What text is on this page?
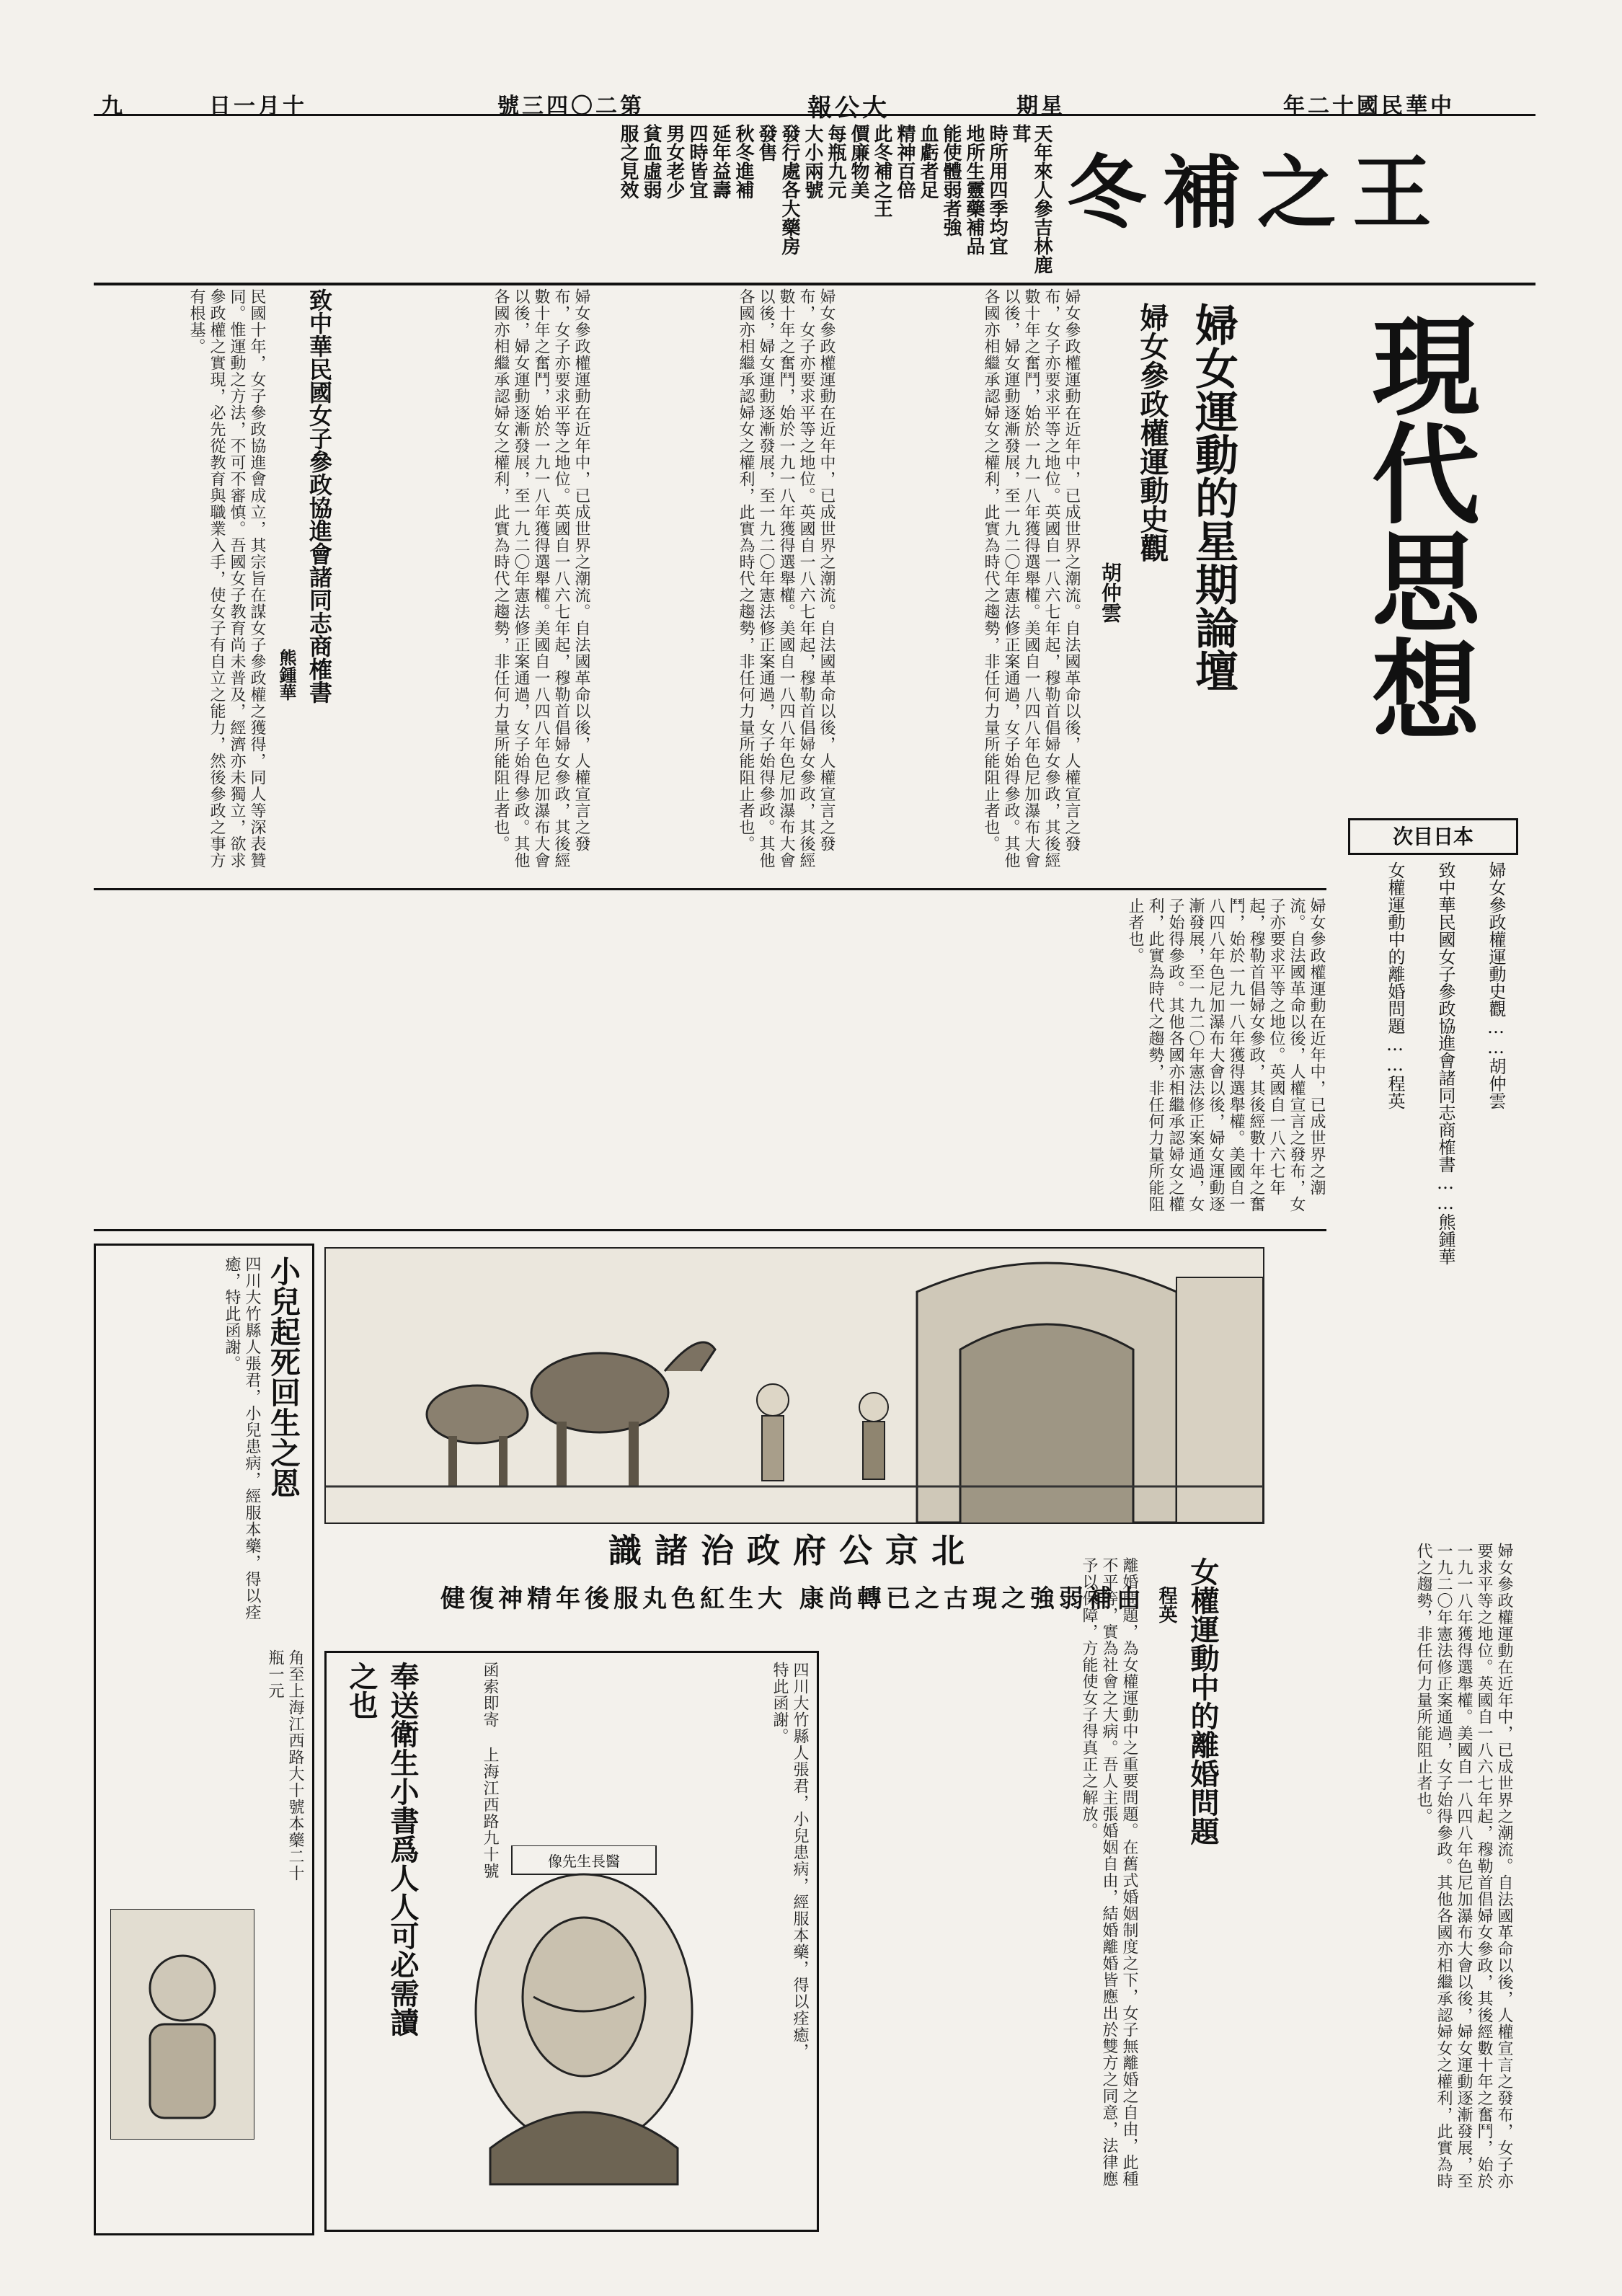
年二十國民華中
期星
報公大
號三四〇二第
日一月十
九
冬補之王
天年來人參吉林鹿茸
時所用四季均宜
地所生靈藥補品
能使體弱者強
血虧者足
精神百倍
此冬補之王
價廉物美
每瓶九元
大小兩號
發行處各大藥房
發售
秋冬進補
延年益壽
四時皆宜
男女老少
貧血虛弱
服之見效
現代思想
次目日本
婦女參政權運動史觀……胡仲雲
致中華民國女子參政協進會諸同志商榷書……熊鍾華
女權運動中的離婚問題……程英
婦女運動的星期論壇
婦女參政權運動史觀
胡仲雲
婦女參政權運動在近年中，已成世界之潮流。自法國革命以後，人權宣言之發布，女子亦要求平等之地位。英國自一八六七年起，穆勒首倡婦女參政，其後經數十年之奮鬥，始於一九一八年獲得選舉權。美國自一八四八年色尼加瀑布大會以後，婦女運動逐漸發展，至一九二〇年憲法修正案通過，女子始得參政。其他各國亦相繼承認婦女之權利，此實為時代之趨勢，非任何力量所能阻止者也。
婦女參政權運動在近年中，已成世界之潮流。自法國革命以後，人權宣言之發布，女子亦要求平等之地位。英國自一八六七年起，穆勒首倡婦女參政，其後經數十年之奮鬥，始於一九一八年獲得選舉權。美國自一八四八年色尼加瀑布大會以後，婦女運動逐漸發展，至一九二〇年憲法修正案通過，女子始得參政。其他各國亦相繼承認婦女之權利，此實為時代之趨勢，非任何力量所能阻止者也。
婦女參政權運動在近年中，已成世界之潮流。自法國革命以後，人權宣言之發布，女子亦要求平等之地位。英國自一八六七年起，穆勒首倡婦女參政，其後經數十年之奮鬥，始於一九一八年獲得選舉權。美國自一八四八年色尼加瀑布大會以後，婦女運動逐漸發展，至一九二〇年憲法修正案通過，女子始得參政。其他各國亦相繼承認婦女之權利，此實為時代之趨勢，非任何力量所能阻止者也。
致中華民國女子參政協進會諸同志商榷書
熊鍾華
民國十年，女子參政協進會成立，其宗旨在謀女子參政權之獲得，同人等深表贊同。惟運動之方法，不可不審慎。吾國女子教育尚未普及，經濟亦未獨立，欲求參政權之實現，必先從教育與職業入手，使女子有自立之能力，然後參政之事方有根基。
婦女參政權運動在近年中，已成世界之潮流。自法國革命以後，人權宣言之發布，女子亦要求平等之地位。英國自一八六七年起，穆勒首倡婦女參政，其後經數十年之奮鬥，始於一九一八年獲得選舉權。美國自一八四八年色尼加瀑布大會以後，婦女運動逐漸發展，至一九二〇年憲法修正案通過，女子始得參政。其他各國亦相繼承認婦女之權利，此實為時代之趨勢，非任何力量所能阻止者也。
女權運動中的離婚問題
程英
離婚問題，為女權運動中之重要問題。在舊式婚姻制度之下，女子無離婚之自由，此種不平等，實為社會之大病。吾人主張婚姻自由，結婚離婚皆應出於雙方之同意，法律應予以保障，方能使女子得真正之解放。	婦女參政權運動在近年中，已成世界之潮流。自法國革命以後，人權宣言之發布，女子亦要求平等之地位。英國自一八六七年起，穆勒首倡婦女參政，其後經數十年之奮鬥，始於一九一八年獲得選舉權。美國自一八四八年色尼加瀑布大會以後，婦女運動逐漸發展，至一九二〇年憲法修正案通過，女子始得參政。其他各國亦相繼承認婦女之權利，此實為時代之趨勢，非任何力量所能阻止者也。
識諸治政府公京北
健復神精年後服丸色紅生大 康尚轉已之古現之強弱補由
小兒起死回生之恩
四川大竹縣人張君，小兒患病，經服本藥，得以痊癒，特此函謝。
角至上海江西路大十號本藥二十瓶一元	四川大竹縣人張君，小兒患病，經服本藥，得以痊癒，特此函謝。
奉送衛生小書爲人人可必需讀之也	函索即寄 上海江西路九十號	像先生長醫
